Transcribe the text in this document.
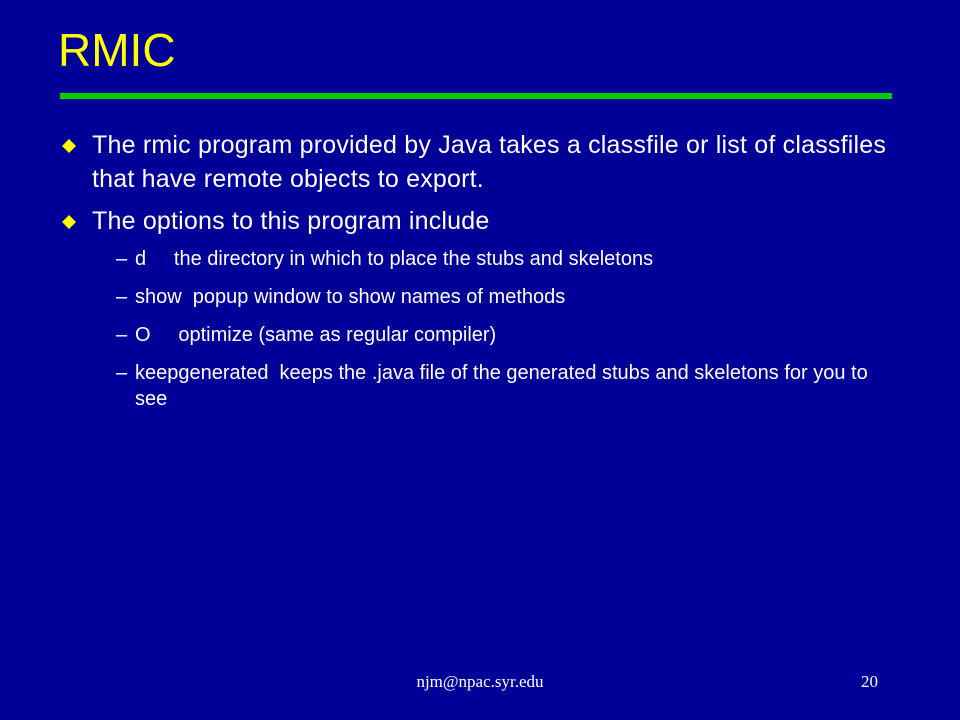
RMIC
The rmic program provided by Java takes a classfile or list of classfiles that have remote objects to export.
The options to this program include
– d     the directory in which to place the stubs and skeletons
– show  popup window to show names of methods
– O     optimize (same as regular compiler)
– keepgenerated  keeps the .java file of the generated stubs and skeletons for you to see
njm@npac.syr.edu	20
